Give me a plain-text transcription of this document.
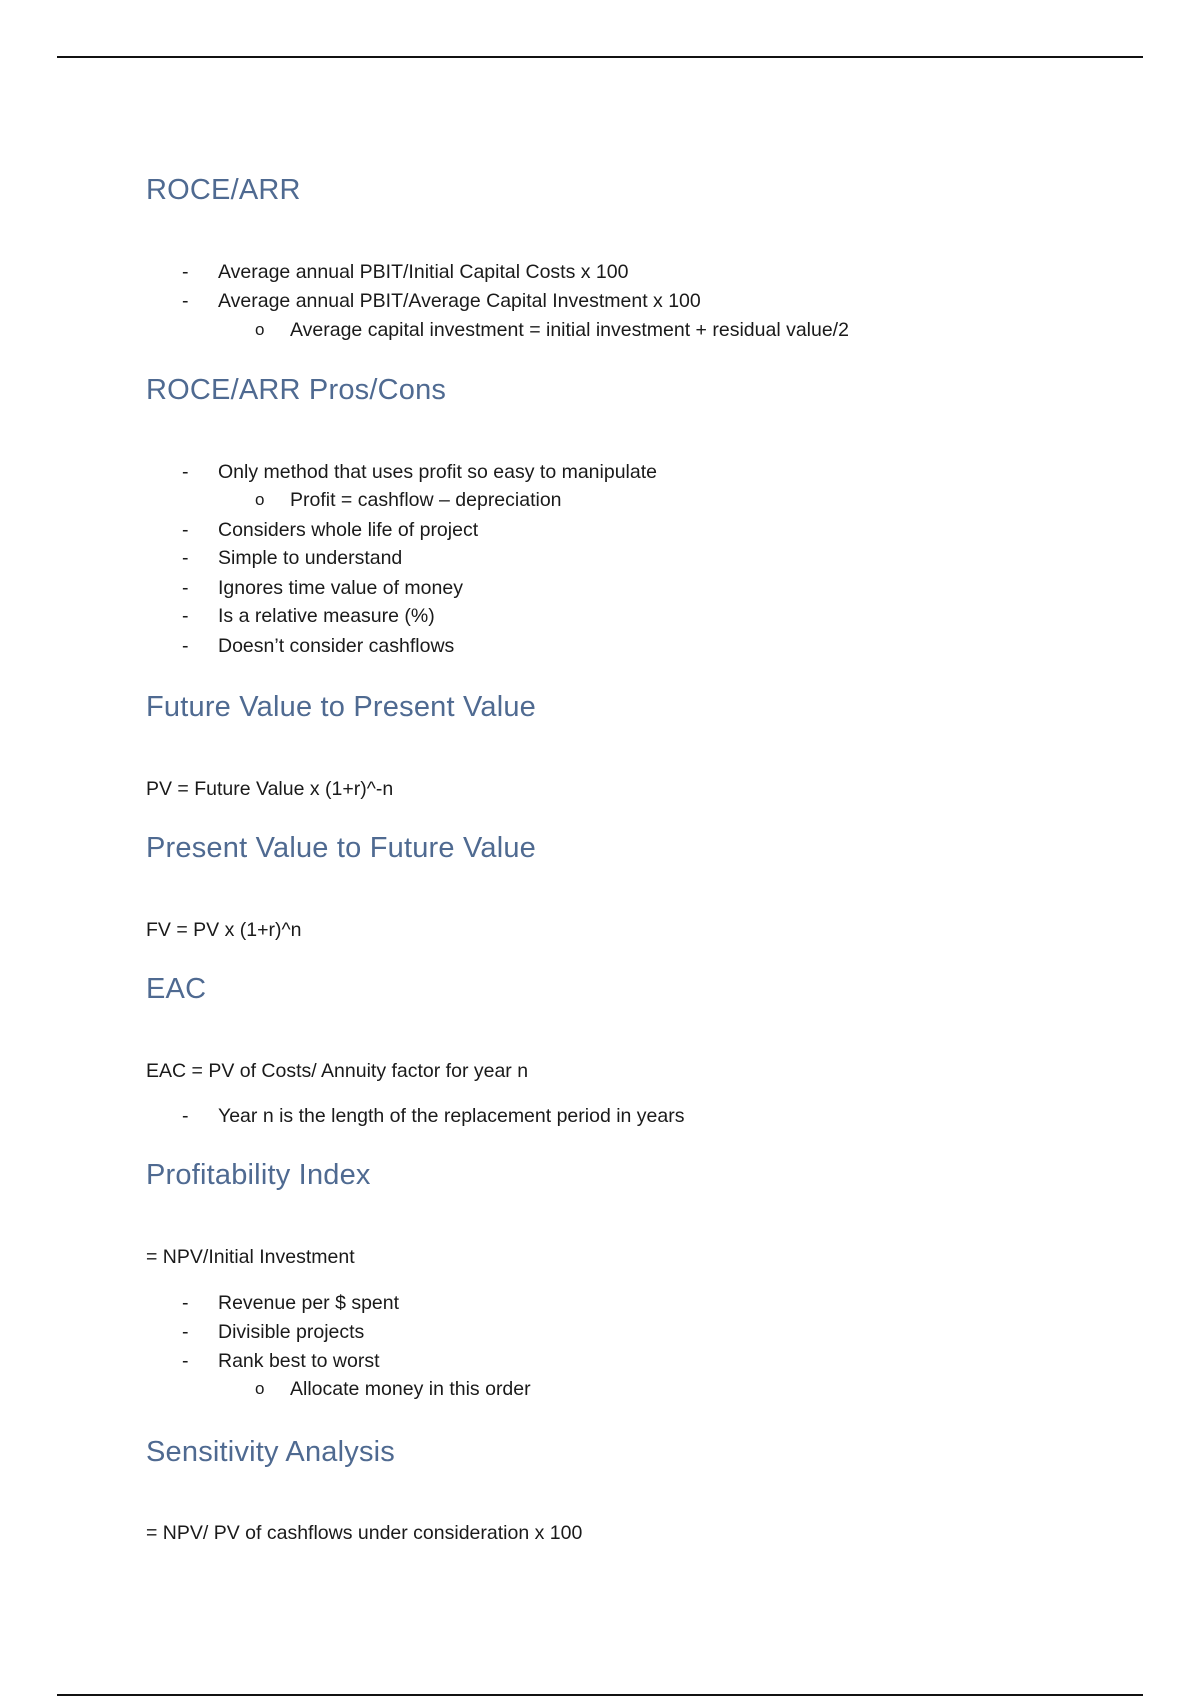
ROCE/ARR
-
Average annual PBIT/Initial Capital Costs x 100
-
Average annual PBIT/Average Capital Investment x 100
o
Average capital investment = initial investment + residual value/2
ROCE/ARR Pros/Cons
-
Only method that uses profit so easy to manipulate
o
Profit = cashflow – depreciation
-
Considers whole life of project
-
Simple to understand
-
Ignores time value of money
-
Is a relative measure (%)
-
Doesn’t consider cashflows
Future Value to Present Value
PV = Future Value x (1+r)^-n
Present Value to Future Value
FV = PV x (1+r)^n
EAC
EAC = PV of Costs/ Annuity factor for year n
-
Year n is the length of the replacement period in years
Profitability Index
= NPV/Initial Investment
-
Revenue per $ spent
-
Divisible projects
-
Rank best to worst
o
Allocate money in this order
Sensitivity Analysis
= NPV/ PV of cashflows under consideration x 100
